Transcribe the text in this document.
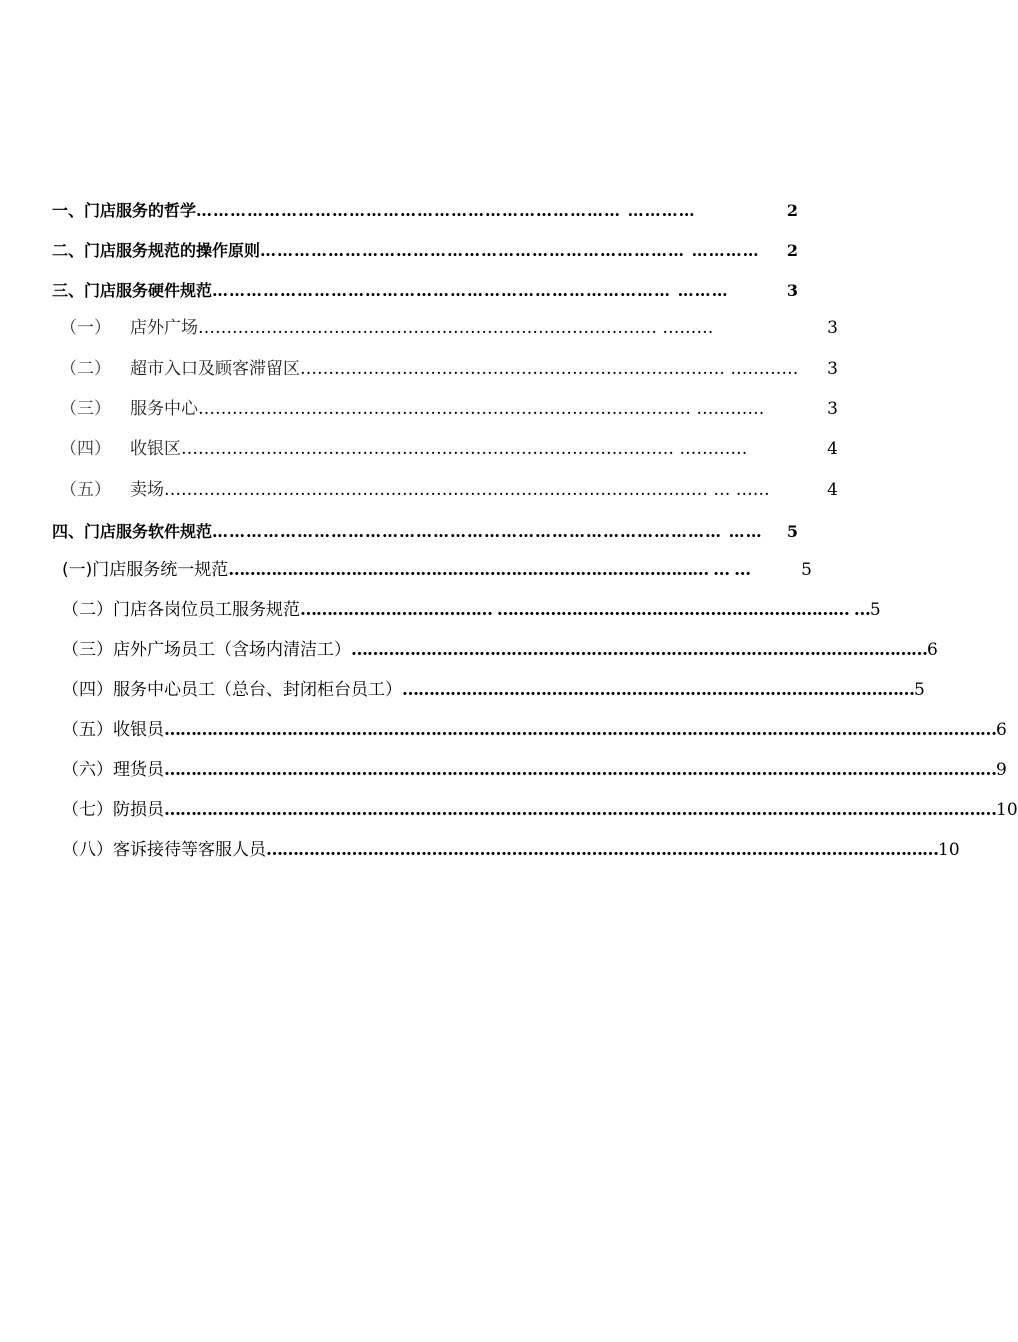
一、门店服务的哲学 ………………………………………………………………… …………	2
二、门店服务规范的操作原则 ………………………………………………………………… …………	2
三、门店服务硬件规范 ……………………………………………………………………… ………	3
（一）	店外广场 ……………………………………………………………………… ………	3
（二）	超市入口及顾客滞留区 ………………………………………………………………… …………	3
（三）	服务中心 …………………………………………………………………………… …………	3
（四）	收银区 …………………………………………………………………………… …………	4
（五）	卖场 …………………………………………………………………………………… … ……	4
四、门店服务软件规范 ……………………………………………………………………………… ……	5
(一)门店服务统一规范 ……………………………………………………………………………… … …	5
（二）门店各岗位员工服务规范 ……………………………… ………………………………………………………… … 5
（三）店外广场员工（含场内清洁工） ……………………………………………………………………………………………… 6
（四）服务中心员工（总台、封闭柜台员工） …………………………………………………………………………………… 5
（五）收银员 ………………………………………………………………………………………………………………………………………… 6
（六）理货员 ………………………………………………………………………………………………………………………………………… 9
（七）防损员 ………………………………………………………………………………………………………………………………………… 10
（八）客诉接待等客服人员 ……………………………………………………………………………………………………………… 10
